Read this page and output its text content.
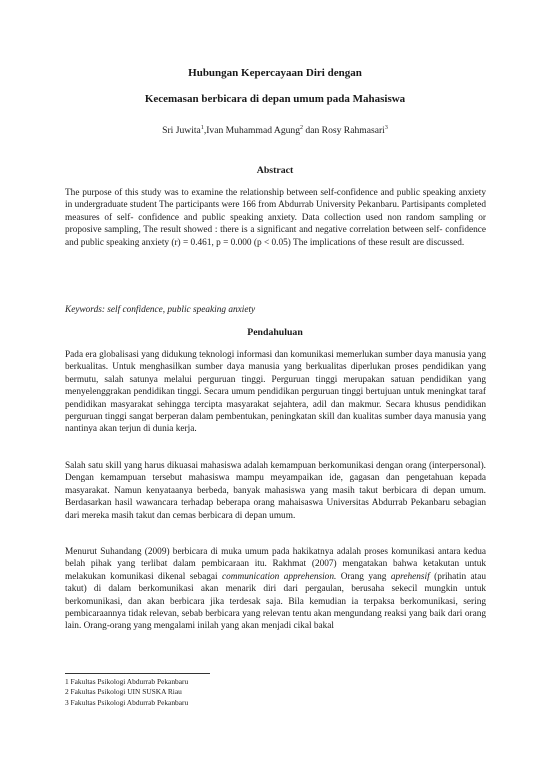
Hubungan Kepercayaan Diri dengan
Kecemasan berbicara di depan umum pada Mahasiswa
Sri Juwita$^1$,Ivan Muhammad Agung$^2$ dan Rosy Rahmasari$^3$
Abstract

The purpose of this study was to examine the relationship between self-confidence and public speaking anxiety in undergraduate student The participants were 166 from Abdurrab University Pekanbaru. Partisipants completed measures of self- confidence and public speaking anxiety. Data collection used non random sampling or proposive sampling, The result showed : there is a significant and negative correlation between self- confidence and public speaking anxiety (r) = 0.461, p = 0.000 (p < 0.05) The implications of these result are discussed.

Keywords: self confidence, public speaking anxiety
Pendahuluan

Pada era globalisasi yang didukung teknologi informasi dan komunikasi memerlukan sumber daya manusia yang berkualitas. Untuk menghasilkan sumber daya manusia yang berkualitas diperlukan proses pendidikan yang bermutu, salah satunya melalui perguruan tinggi. Perguruan tinggi merupakan satuan pendidikan yang menyelenggrakan pendidikan tinggi. Secara umum pendidikan perguruan tinggi bertujuan untuk meningkat taraf pendidikan masyarakat sehingga tercipta masyarakat sejahtera, adil dan makmur. Secara khusus pendidikan perguruan tinggi sangat berperan dalam pembentukan, peningkatan skill dan kualitas sumber daya manusia yang nantinya akan terjun di dunia kerja.

Salah satu skill yang harus dikuasai mahasiswa adalah kemampuan berkomunikasi dengan orang (interpersonal). Dengan kemampuan tersebut mahasiswa mampu meyampaikan ide, gagasan dan pengetahuan kepada masyarakat. Namun kenyataanya berbeda, banyak mahasiswa yang masih takut berbicara di depan umum. Berdasarkan hasil wawancara terhadap beberapa orang mahaisaswa Universitas Abdurrab Pekanbaru sebagian dari mereka masih takut dan cemas berbicara di depan umum.

Menurut Suhandang (2009) berbicara di muka umum pada hakikatnya adalah proses komunikasi antara kedua belah pihak yang terlibat dalam pembicaraan itu. Rakhmat (2007) mengatakan bahwa ketakutan untuk melakukan komunikasi dikenal sebagai communication apprehension. Orang yang aprehensif (prihatin atau takut) di dalam berkomunikasi akan menarik diri dari pergaulan, berusaha sekecil mungkin untuk berkomunikasi, dan akan berbicara jika terdesak saja. Bila kemudian ia terpaksa berkomunikasi, sering pembicaraannya tidak relevan, sebab berbicara yang relevan tentu akan mengundang reaksi yang baik dari orang lain. Orang-orang yang mengalami inilah yang akan menjadi cikal bakal

1 Fakultas Psikologi Abdurrab Pekanbaru
2 Fakultas Psikologi UIN SUSKA Riau
3 Fakultas Psikologi Abdurrab Pekanbaru
